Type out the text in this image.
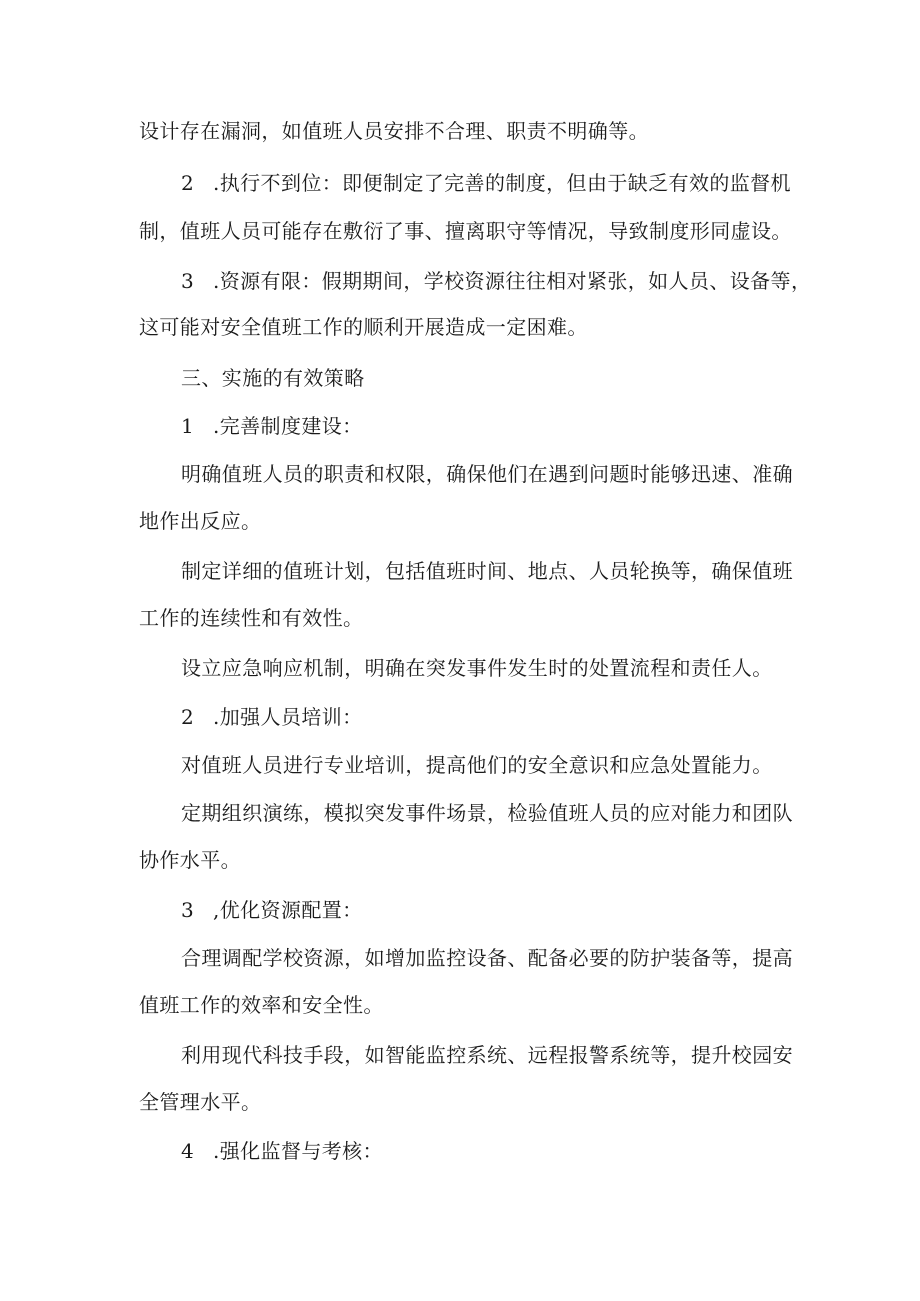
设计存在漏洞，如值班人员安排不合理、职责不明确等。
2 .执行不到位：即便制定了完善的制度，但由于缺乏有效的监督机
制，值班人员可能存在敷衍了事、擅离职守等情况，导致制度形同虚设。
3 .资源有限：假期期间，学校资源往往相对紧张，如人员、设备等，
这可能对安全值班工作的顺利开展造成一定困难。
三、实施的有效策略
1 .完善制度建设：
明确值班人员的职责和权限，确保他们在遇到问题时能够迅速、准确
地作出反应。
制定详细的值班计划，包括值班时间、地点、人员轮换等，确保值班
工作的连续性和有效性。
设立应急响应机制，明确在突发事件发生时的处置流程和责任人。
2 .加强人员培训：
对值班人员进行专业培训，提高他们的安全意识和应急处置能力。
定期组织演练，模拟突发事件场景，检验值班人员的应对能力和团队
协作水平。
3 ,优化资源配置：
合理调配学校资源，如增加监控设备、配备必要的防护装备等，提高
值班工作的效率和安全性。
利用现代科技手段，如智能监控系统、远程报警系统等，提升校园安
全管理水平。
4 .强化监督与考核：
